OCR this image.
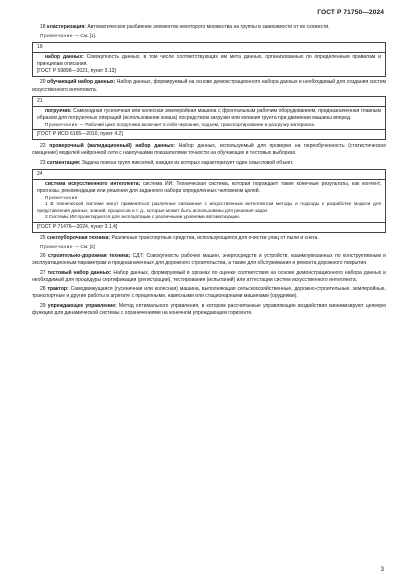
ГОСТ Р 71750—2024

18 кластеризация: Автоматическое разбиение элементов некоторого множества на группы в зависимости от их схожести.

Примечание — См. [1].

19
набор данных: Совокупность данных, в том числе соответствующих им мета данных, организованных по определенным правилам и принципам описания.
[ГОСТ Р 59898—2021, пункт 3.13]

20 обучающий набор данных: Набор данных, формируемый на основе демонстрационного набора данных и необходимый для создания систем искусственного интеллекта.

21
погрузчик: Самоходная гусеничная или колесная землеройная машина с фронтальным рабочим оборудованием, предназначенная главным образом для погрузочных операций (использование ковша) посредством загрузки или копания грунта при движении машины вперед.

Примечание — Рабочий цикл погрузчика включает в себя черпание, подъем, транспортирование и разгрузку материала.

[ГОСТ Р ИСО 6165—2010, пункт 4.2]

22 проверочный (валидационный) набор данных: Набор данных, используемый для проверки на переобученность (статистическое смещение) моделей нейронной сети с наилучшими показателями точности на обучающих и тестовых выборках.

23 сегментация: Задача поиска групп пикселей, каждая из которых характеризует один смысловой объект.

24
система искусственного интеллекта; система ИИ: Техническая система, которая порождает такие конечные результаты, как контент, прогнозы, рекомендации или решения для заданного набора определенных человеком целей.

Примечания

1 В технической системе могут применяться различные связанные с искусственным интеллектом методы и подходы к разработке модели для представления данных, знаний, процессов и т. д., которые может быть использованы для решения задач.

2 Системы ИИ проектируются для эксплуатации с различными уровнями автоматизации.

[ГОСТ Р 71476—2024, пункт 3.1.4]

25 снегоуборочная техника: Различные транспортные средства, использующиеся для очистки улиц от пыли и снега.

Примечание — См. [2]

26 строительно-дорожная техника; СДТ: Совокупность рабочих машин, энергосредств и устройств, взаимоувязанных по конструктивным и эксплуатационным параметрам и предназначенных для дорожного строительства, а также для обслуживания и ремонта дорожного покрытия.

27 тестовый набор данных: Набор данных, формируемый в органах по оценке соответствия на основе демонстрационного набора данных и необходимый для процедуры сертификации (регистрации), тестирования (испытаний) или аттестации систем искусственного интеллекта.

28 трактор: Самодвижущаяся (гусеничная или колесная) машина, выполняющая сельскохозяйственные, дорожно-строительные, землеройные, транспортные и другие работы в агрегате с прицепными, навесными или стационарными машинами (орудиями).

29 упреждающее управление: Метод оптимального управления, в котором рассчитанные управляющие воздействия минимизируют целевую функцию для динамической системы с ограничениями на конечном упреждающем горизонте.

3
